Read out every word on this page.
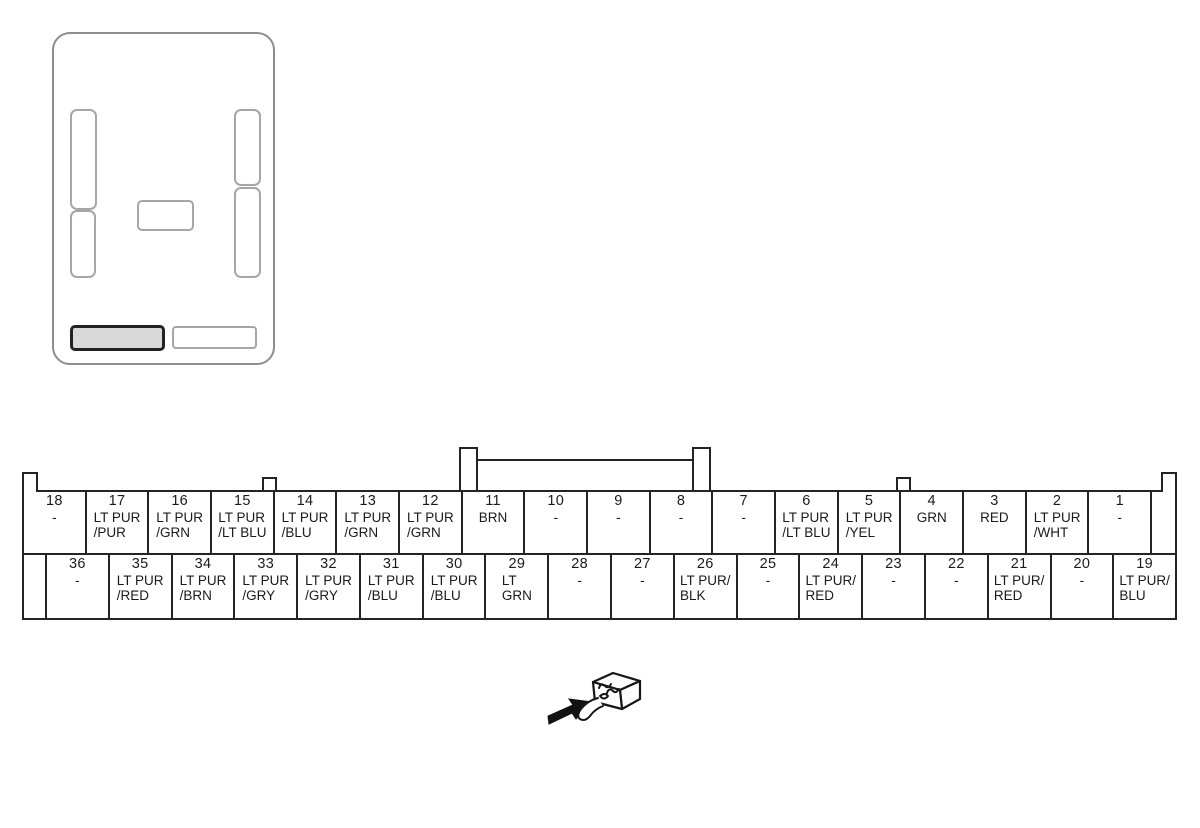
18
-
17
LT PUR
/PUR
16
LT PUR
/GRN
15
LT PUR
/LT BLU
14
LT PUR
/BLU
13
LT PUR
/GRN
12
LT PUR
/GRN
11
BRN
10
-
9
-
8
-
7
-
6
LT PUR
/LT BLU
5
LT PUR
/YEL
4
GRN
3
RED
2
LT PUR
/WHT
1
-
36
-
35
LT PUR
/RED
34
LT PUR
/BRN
33
LT PUR
/GRY
32
LT PUR
/GRY
31
LT PUR
/BLU
30
LT PUR
/BLU
29
LT
GRN
28
-
27
-
26
LT PUR/
BLK
25
-
24
LT PUR/
RED
23
-
22
-
21
LT PUR/
RED
20
-
19
LT PUR/
BLU
